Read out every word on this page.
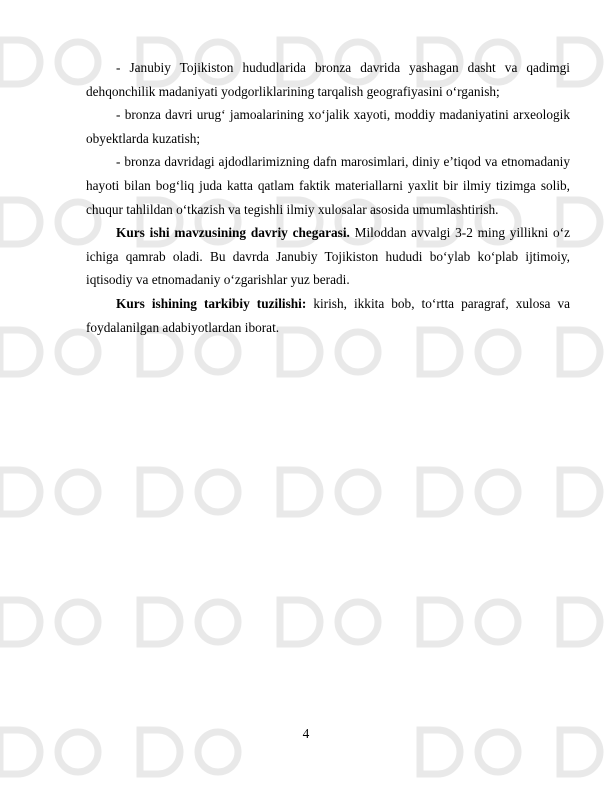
- Janubiy Tojikiston hududlarida bronza davrida yashagan dasht va qadimgi dehqonchilik madaniyati yodgorliklarining tarqalish geografiyasini o‘rganish;

- bronza davri urug‘ jamoalarining xo‘jalik xayoti, moddiy madaniyatini arxeologik obyektlarda kuzatish;

- bronza davridagi ajdodlarimizning dafn marosimlari, diniy e’tiqod va etnomadaniy hayoti bilan bog‘liq juda katta qatlam faktik materiallarni yaxlit bir ilmiy tizimga solib, chuqur tahlildan o‘tkazish va tegishli ilmiy xulosalar asosida umumlashtirish.

Kurs ishi mavzusining davriy chegarasi. Miloddan avvalgi 3-2 ming yillikni o‘z ichiga qamrab oladi. Bu davrda Janubiy Tojikiston hududi bo‘ylab ko‘plab ijtimoiy, iqtisodiy va etnomadaniy o‘zgarishlar yuz beradi.

Kurs ishining tarkibiy tuzilishi: kirish, ikkita bob, to‘rtta paragraf, xulosa va foydalanilgan adabiyotlardan iborat.

4
